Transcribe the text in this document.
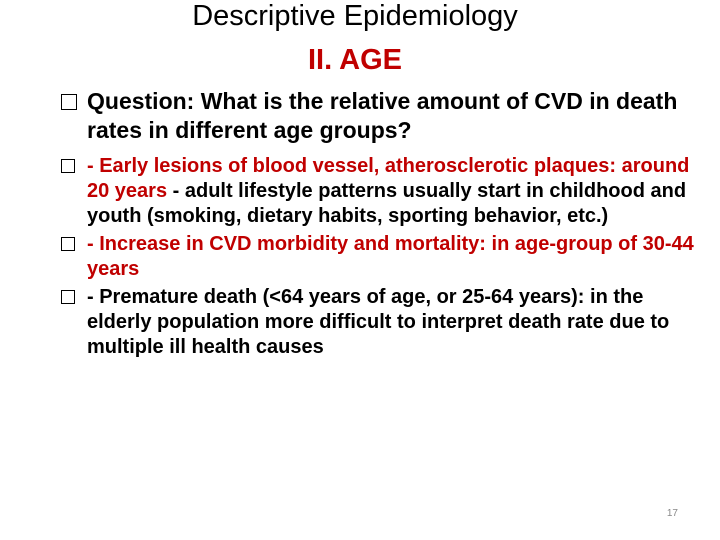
Descriptive Epidemiology
II. AGE
Question: What is the relative amount of CVD in death rates in different age groups?
- Early lesions of blood vessel, atherosclerotic plaques: around 20 years - adult lifestyle patterns usually start in childhood and youth (smoking, dietary habits, sporting behavior, etc.)
- Increase in CVD morbidity and mortality: in age-group of 30-44 years
- Premature death (<64 years of age, or 25-64 years): in the elderly population more difficult to interpret death rate due to multiple ill health causes
17
